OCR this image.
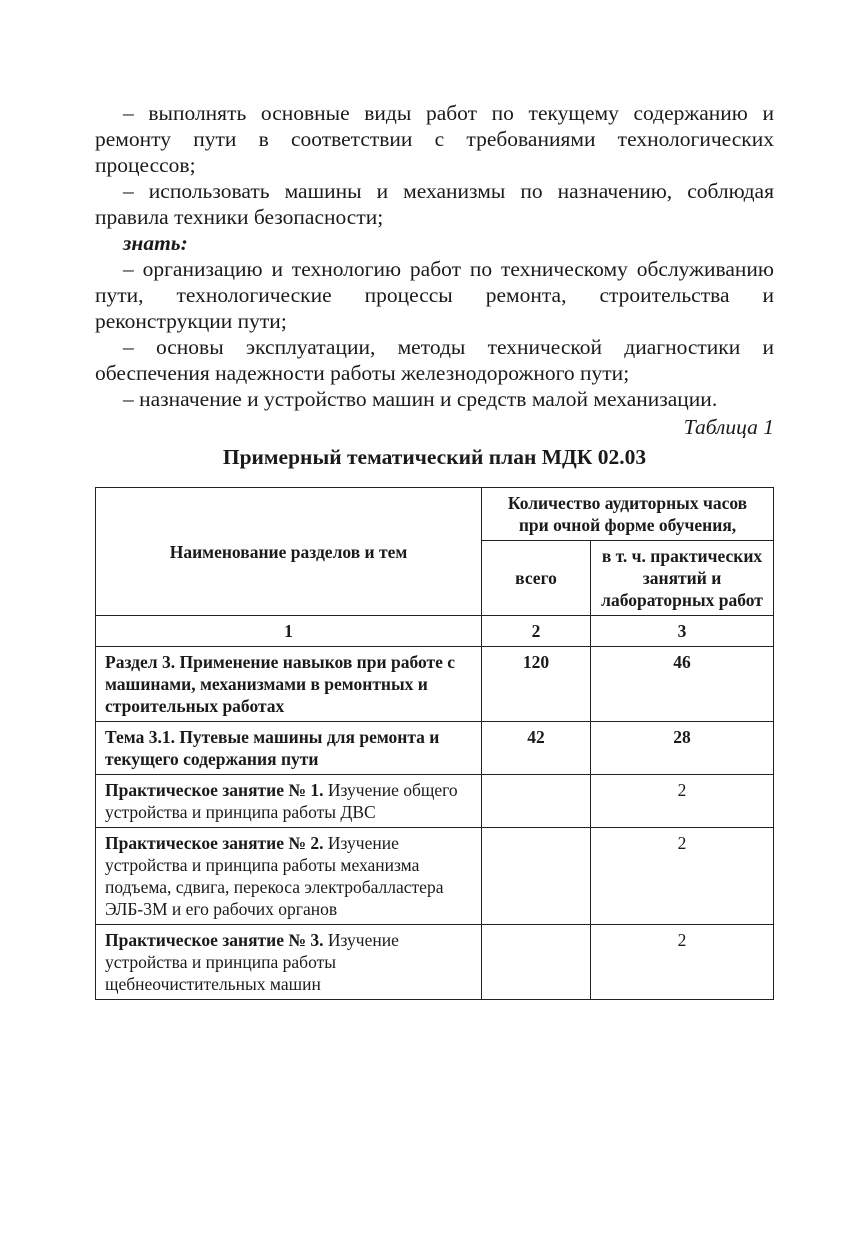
– выполнять основные виды работ по текущему содержанию и ремонту пути в соответствии с требованиями технологических процессов;

– использовать машины и механизмы по назначению, соблюдая правила техники безопасности;

знать:

– организацию и технологию работ по техническому обслуживанию пути, технологические процессы ремонта, строительства и реконструкции пути;

– основы эксплуатации, методы технической диагностики и обеспечения надежности работы железнодорожного пути;

– назначение и устройство машин и средств малой механизации.

Таблица 1

Примерный тематический план МДК 02.03

Наименование разделов и тем	Количество аудиторных часов при очной форме обучения,	
	всего	в т. ч. практических занятий и лабораторных работ
1	2	3
Раздел 3. Применение навыков при работе с машинами, механизмами в ремонтных и строительных работах	120	46
Тема 3.1. Путевые машины для ремонта и текущего содержания пути	42	28
Практическое занятие № 1. Изучение общего устройства и принципа работы ДВС		2
Практическое занятие № 2. Изучение устройства и принципа работы механизма подъема, сдвига, перекоса электробалластера ЭЛБ-3М и его рабочих органов		2
Практическое занятие № 3. Изучение устройства и принципа работы щебнеочистительных машин		2
